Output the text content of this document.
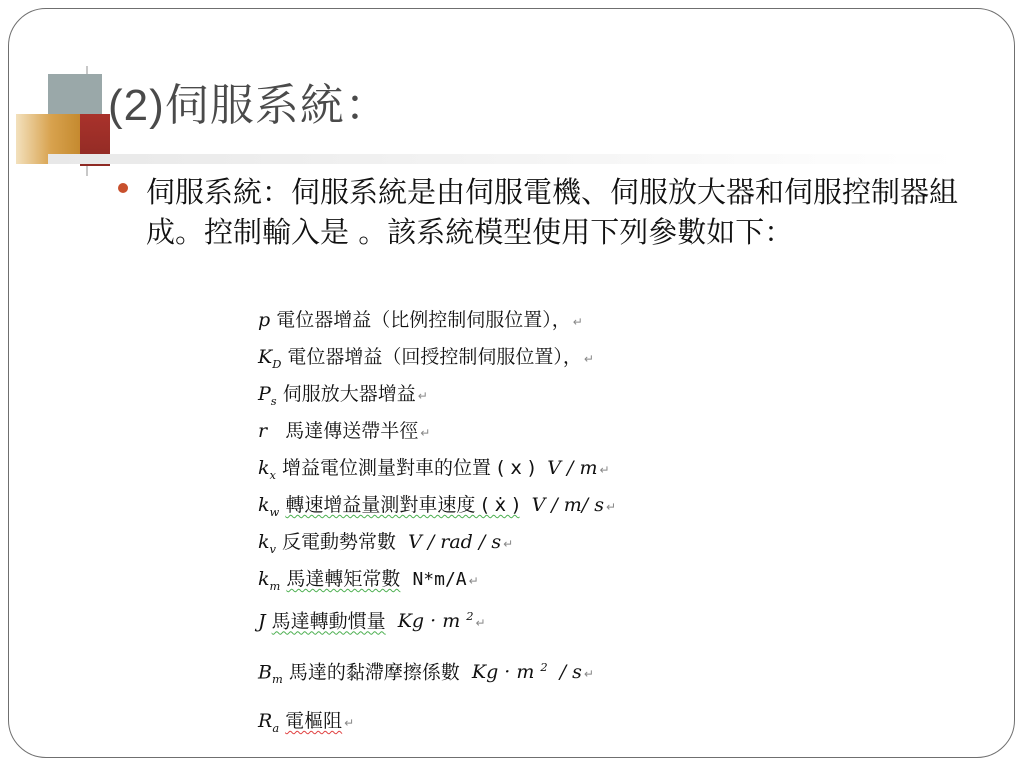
(2)伺服系統：
伺服系統：伺服系統是由伺服電機、伺服放大器和伺服控制器組成。控制輸入是 。該系統模型使用下列參數如下：
p 電位器增益（比例控制伺服位置）， ↵
$K_D$ 電位器增益（回授控制伺服位置）， ↵
$P_s$ 伺服放大器增益 ↵
r 馬達傳送帶半徑 ↵
$k_x$ 增益電位測量對車的位置 ( x ) V / m ↵
$k_w$ 轉速增益量測對車速度 ( ẋ ) V / m/ s ↵
$k_v$ 反電動勢常數 V / rad / s ↵
$k_m$ 馬達轉矩常數 N*m/A ↵
J 馬達轉動慣量 Kg · m $^2$↵
$B_m$ 馬達的黏滯摩擦係數 Kg · m $^2$ / s ↵
$R_a$ 電樞阻 ↵
